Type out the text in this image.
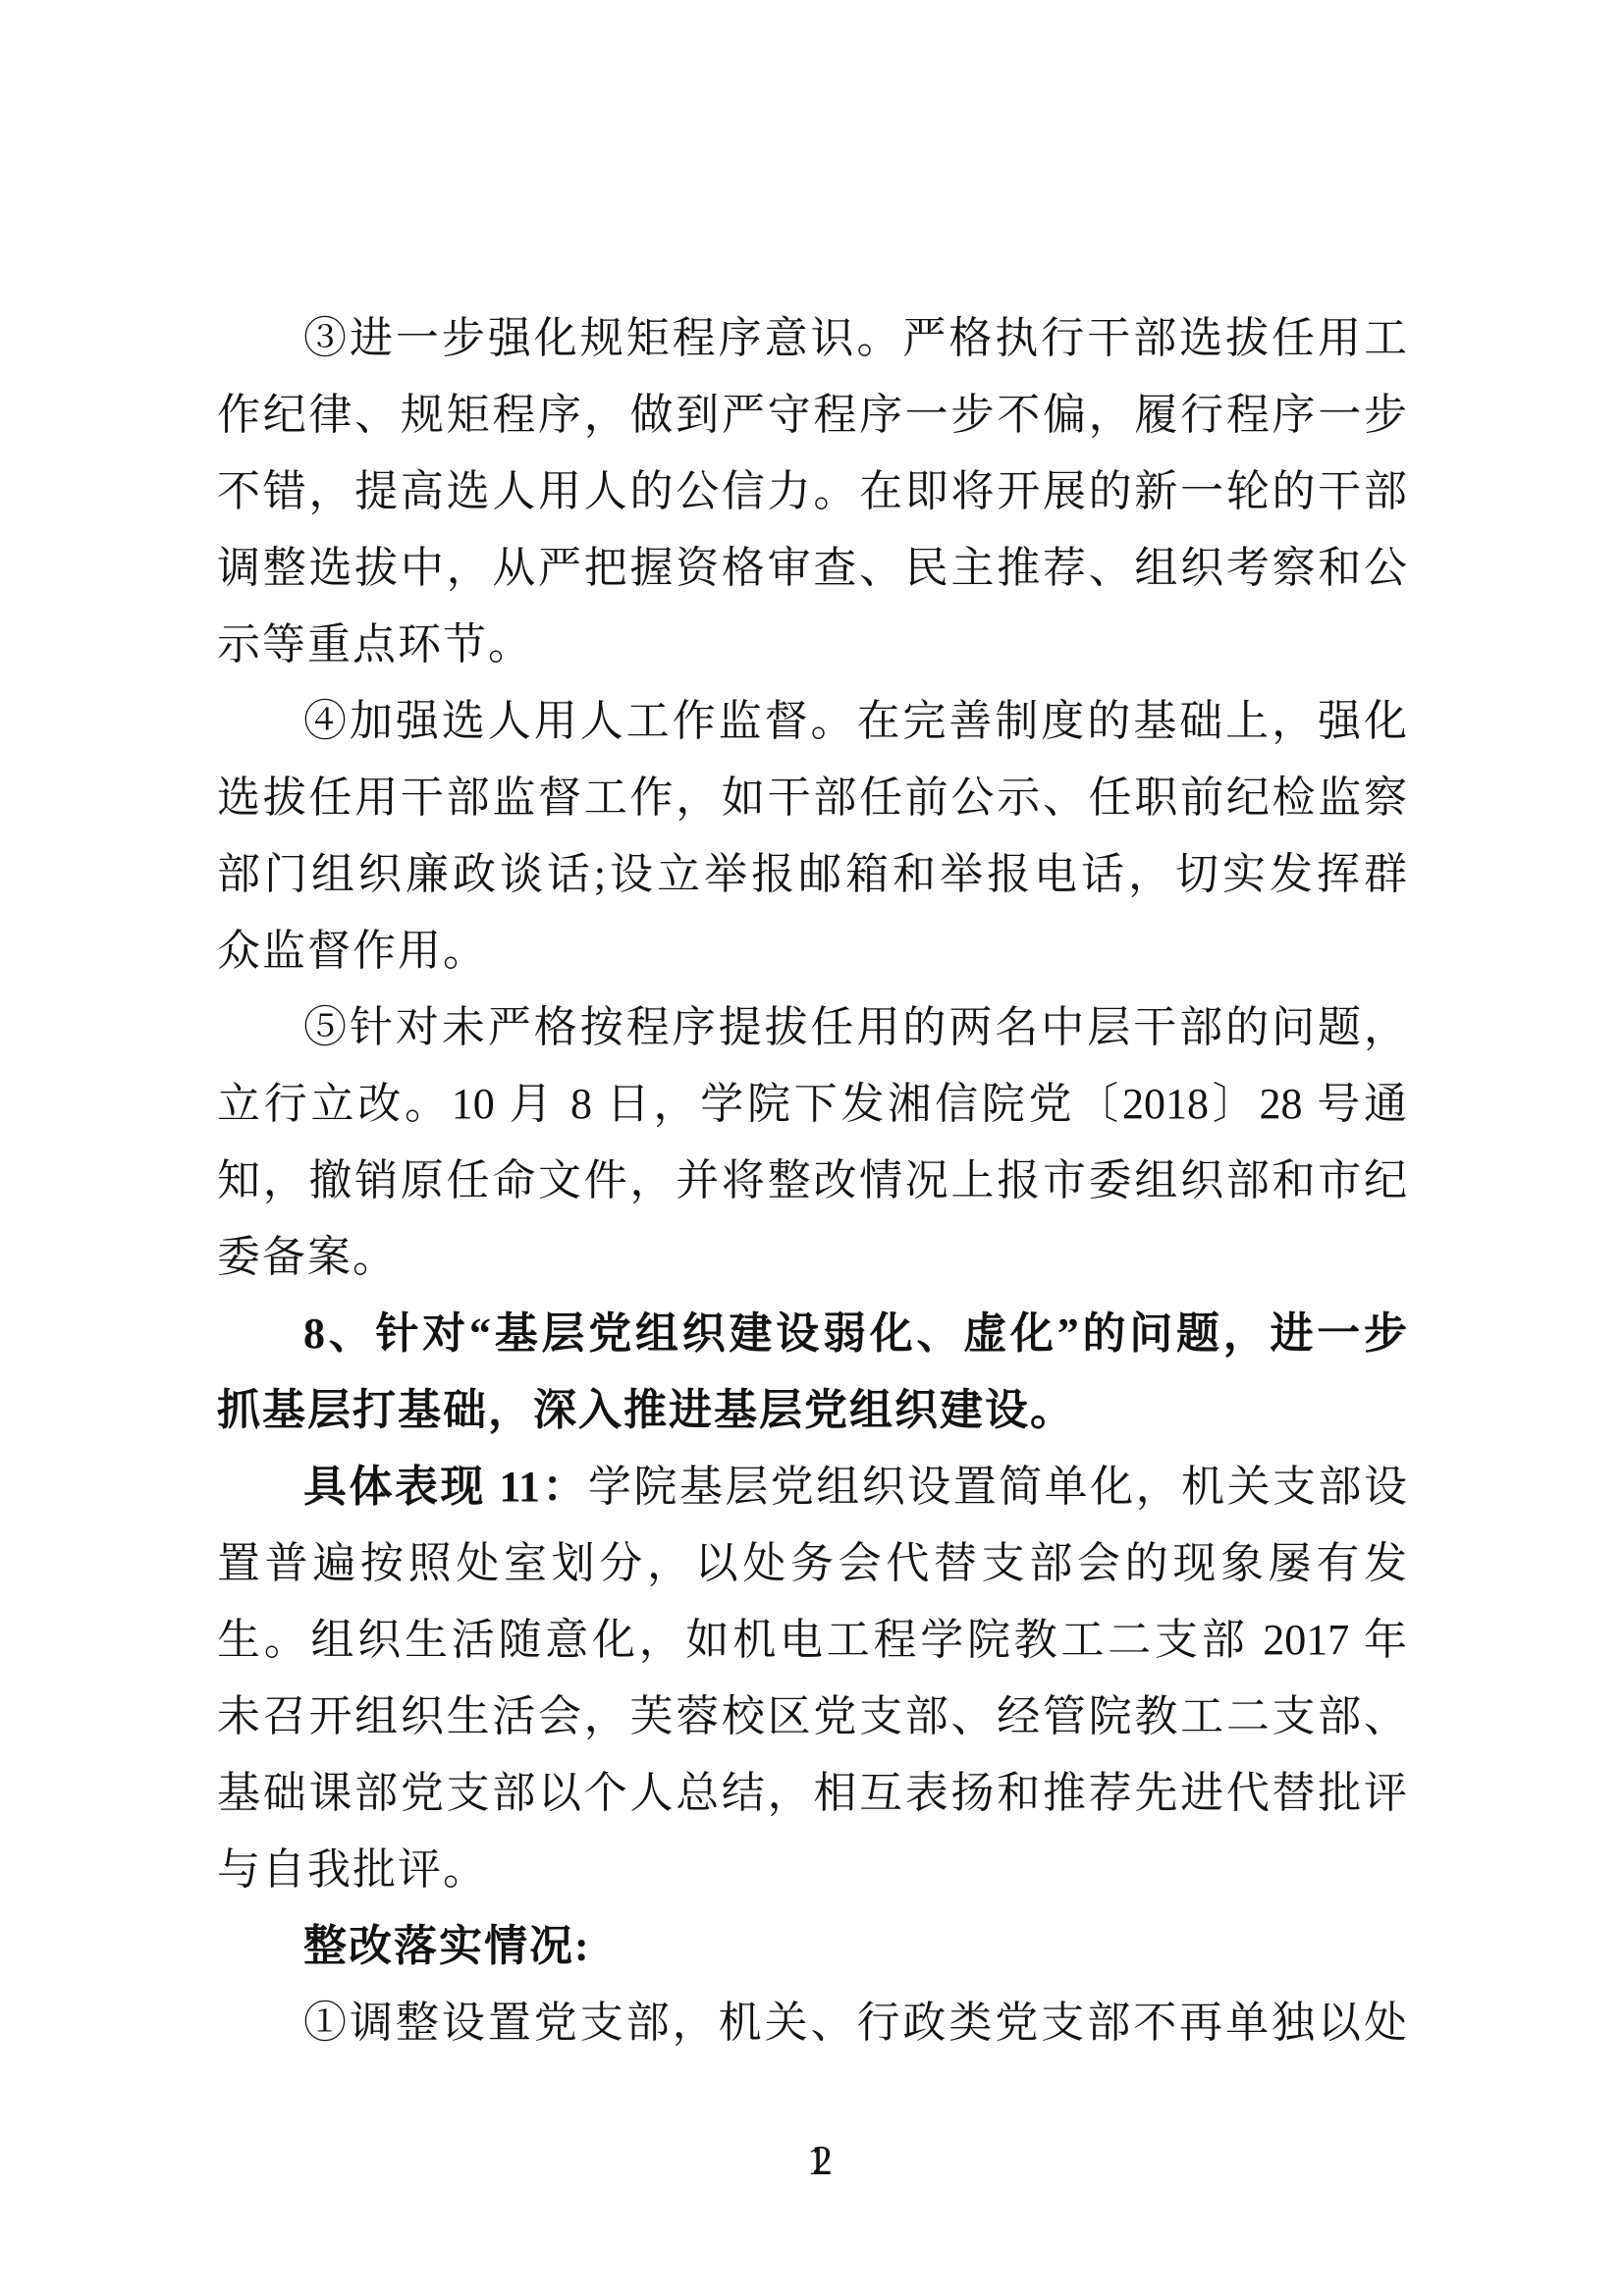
③进一步强化规矩程序意识。严格执行干部选拔任用工
作纪律、规矩程序，做到严守程序一步不偏，履行程序一步
不错，提高选人用人的公信力。在即将开展的新一轮的干部
调整选拔中，从严把握资格审查、民主推荐、组织考察和公
示等重点环节。
④加强选人用人工作监督。在完善制度的基础上，强化
选拔任用干部监督工作，如干部任前公示、任职前纪检监察
部门组织廉政谈话;设立举报邮箱和举报电话，切实发挥群
众监督作用。
⑤针对未严格按程序提拔任用的两名中层干部的问题，
立行立改。10 月 8 日，学院下发湘信院党〔2018〕28 号通
知，撤销原任命文件，并将整改情况上报市委组织部和市纪
委备案。
8、针对“基层党组织建设弱化、虚化”的问题，进一步
抓基层打基础，深入推进基层党组织建设。
具体表现 11：学院基层党组织设置简单化，机关支部设
置普遍按照处室划分，以处务会代替支部会的现象屡有发
生。组织生活随意化，如机电工程学院教工二支部 2017 年
未召开组织生活会，芙蓉校区党支部、经管院教工二支部、
基础课部党支部以个人总结，相互表扬和推荐先进代替批评
与自我批评。
整改落实情况:
①调整设置党支部，机关、行政类党支部不再单独以处
